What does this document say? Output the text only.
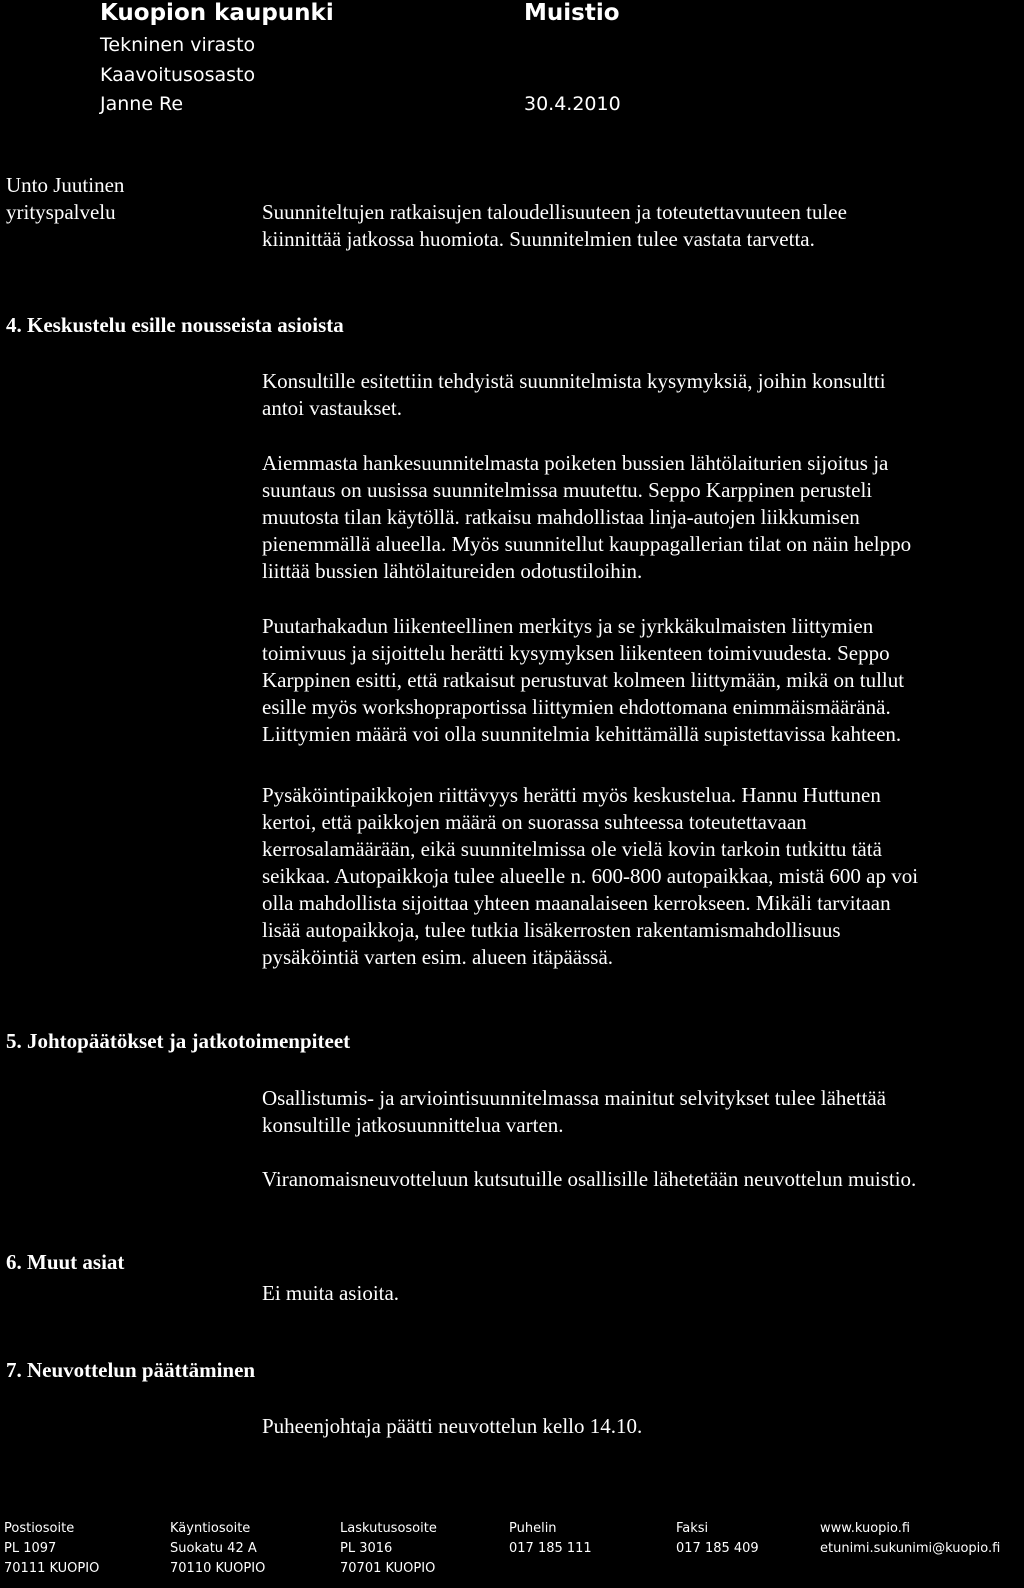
Kuopion kaupunki
Tekninen virasto
Kaavoitusosasto
Janne Re
Muistio
30.4.2010
Unto Juutinen
yrityspalvelu	Suunniteltujen ratkaisujen taloudellisuuteen ja toteutettavuuteen tulee
kiinnittää jatkossa huomiota. Suunnitelmien tulee vastata tarvetta.
4. Keskustelu esille nousseista asioista
Konsultille esitettiin tehdyistä suunnitelmista kysymyksiä, joihin konsultti
antoi vastaukset.
Aiemmasta hankesuunnitelmasta poiketen bussien lähtölaiturien sijoitus ja
suuntaus on uusissa suunnitelmissa muutettu. Seppo Karppinen perusteli
muutosta tilan käytöllä. ratkaisu mahdollistaa linja-autojen liikkumisen
pienemmällä alueella. Myös suunnitellut kauppagallerian tilat on näin helppo
liittää bussien lähtölaitureiden odotustiloihin.
Puutarhakadun liikenteellinen merkitys ja se jyrkkäkulmaisten liittymien
toimivuus ja sijoittelu herätti kysymyksen liikenteen toimivuudesta. Seppo
Karppinen esitti, että ratkaisut perustuvat kolmeen liittymään, mikä on tullut
esille myös workshopraportissa liittymien ehdottomana enimmäismääränä.
Liittymien määrä voi olla suunnitelmia kehittämällä supistettavissa kahteen.
Pysäköintipaikkojen riittävyys herätti myös keskustelua. Hannu Huttunen
kertoi, että paikkojen määrä on suorassa suhteessa toteutettavaan
kerrosalamäärään, eikä suunnitelmissa ole vielä kovin tarkoin tutkittu tätä
seikkaa. Autopaikkoja tulee alueelle n. 600-800 autopaikkaa, mistä 600 ap voi
olla mahdollista sijoittaa yhteen maanalaiseen kerrokseen. Mikäli tarvitaan
lisää autopaikkoja, tulee tutkia lisäkerrosten rakentamismahdollisuus
pysäköintiä varten esim. alueen itäpäässä.
5. Johtopäätökset ja jatkotoimenpiteet
Osallistumis- ja arviointisuunnitelmassa mainitut selvitykset tulee lähettää
konsultille jatkosuunnittelua varten.
Viranomaisneuvotteluun kutsutuille osallisille lähetetään neuvottelun muistio.
6. Muut asiat
Ei muita asioita.
7. Neuvottelun päättäminen
Puheenjohtaja päätti neuvottelun kello 14.10.
Postiosoite
PL 1097
70111 KUOPIO
Käyntiosoite
Suokatu 42 A
70110 KUOPIO
Laskutusosoite
PL 3016
70701 KUOPIO
Puhelin
017 185 111
Faksi
017 185 409
www.kuopio.fi
etunimi.sukunimi@kuopio.fi
